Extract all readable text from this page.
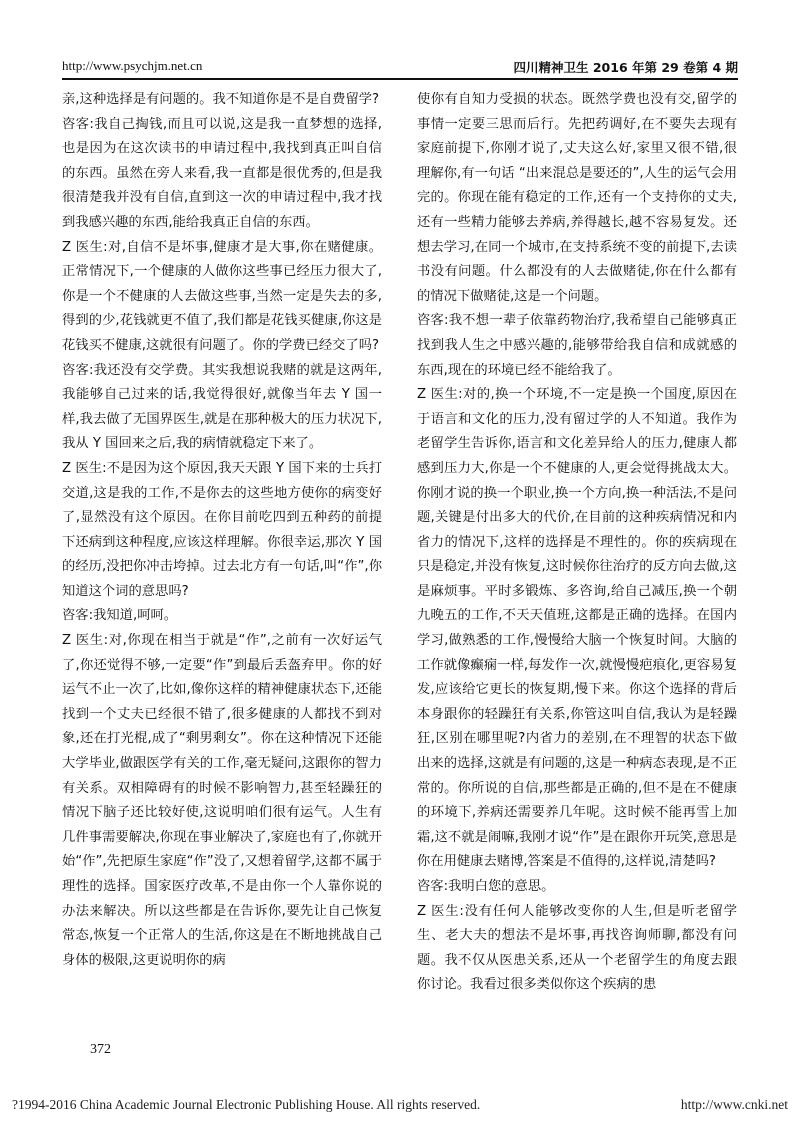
http://www.psychjm.net.cn	四川精神卫生 2016 年第 29 卷第 4 期

亲,这种选择是有问题的。我不知道你是不是自费留学?

咨客:我自己掏钱,而且可以说,这是我一直梦想的选择,也是因为在这次读书的申请过程中,我找到真正叫自信的东西。虽然在旁人来看,我一直都是很优秀的,但是我很清楚我并没有自信,直到这一次的申请过程中,我才找到我感兴趣的东西,能给我真正自信的东西。

Z 医生:对,自信不是坏事,健康才是大事,你在赌健康。正常情况下,一个健康的人做你这些事已经压力很大了,你是一个不健康的人去做这些事,当然一定是失去的多,得到的少,花钱就更不值了,我们都是花钱买健康,你这是花钱买不健康,这就很有问题了。你的学费已经交了吗?

咨客:我还没有交学费。其实我想说我赌的就是这两年,我能够自己过来的话,我觉得很好,就像当年去 Y 国一样,我去做了无国界医生,就是在那种极大的压力状况下,我从 Y 国回来之后,我的病情就稳定下来了。

Z 医生:不是因为这个原因,我天天跟 Y 国下来的士兵打交道,这是我的工作,不是你去的这些地方使你的病变好了,显然没有这个原因。在你目前吃四到五种药的前提下还病到这种程度,应该这样理解。你很幸运,那次 Y 国的经历,没把你冲击垮掉。过去北方有一句话,叫“作”,你知道这个词的意思吗?

咨客:我知道,呵呵。

Z 医生:对,你现在相当于就是“作”,之前有一次好运气了,你还觉得不够,一定要“作”到最后丢盔弃甲。你的好运气不止一次了,比如,像你这样的精神健康状态下,还能找到一个丈夫已经很不错了,很多健康的人都找不到对象,还在打光棍,成了“剩男剩女”。你在这种情况下还能大学毕业,做跟医学有关的工作,毫无疑问,这跟你的智力有关系。双相障碍有的时候不影响智力,甚至轻躁狂的情况下脑子还比较好使,这说明咱们很有运气。人生有几件事需要解决,你现在事业解决了,家庭也有了,你就开始“作”,先把原生家庭“作”没了,又想着留学,这都不属于理性的选择。国家医疗改革,不是由你一个人靠你说的办法来解决。所以这些都是在告诉你,要先让自己恢复常态,恢复一个正常人的生活,你这是在不断地挑战自己身体的极限,这更说明你的病

使你有自知力受损的状态。既然学费也没有交,留学的事情一定要三思而后行。先把药调好,在不要失去现有家庭前提下,你刚才说了,丈夫这么好,家里又很不错,很理解你,有一句话 “出来混总是要还的”,人生的运气会用完的。你现在能有稳定的工作,还有一个支持你的丈夫,还有一些精力能够去养病,养得越长,越不容易复发。还想去学习,在同一个城市,在支持系统不变的前提下,去读书没有问题。什么都没有的人去做赌徒,你在什么都有的情况下做赌徒,这是一个问题。

咨客:我不想一辈子依靠药物治疗,我希望自己能够真正找到我人生之中感兴趣的,能够带给我自信和成就感的东西,现在的环境已经不能给我了。

Z 医生:对的,换一个环境,不一定是换一个国度,原因在于语言和文化的压力,没有留过学的人不知道。我作为老留学生告诉你,语言和文化差异给人的压力,健康人都感到压力大,你是一个不健康的人,更会觉得挑战太大。你刚才说的换一个职业,换一个方向,换一种活法,不是问题,关键是付出多大的代价,在目前的这种疾病情况和内省力的情况下,这样的选择是不理性的。你的疾病现在只是稳定,并没有恢复,这时候你往治疗的反方向去做,这是麻烦事。平时多锻炼、多咨询,给自己减压,换一个朝九晚五的工作,不天天值班,这都是正确的选择。在国内学习,做熟悉的工作,慢慢给大脑一个恢复时间。大脑的工作就像癫痫一样,每发作一次,就慢慢疤痕化,更容易复发,应该给它更长的恢复期,慢下来。你这个选择的背后本身跟你的轻躁狂有关系,你管这叫自信,我认为是轻躁狂,区别在哪里呢?内省力的差别,在不理智的状态下做出来的选择,这就是有问题的,这是一种病态表现,是不正常的。你所说的自信,那些都是正确的,但不是在不健康的环境下,养病还需要养几年呢。这时候不能再雪上加霜,这不就是闹嘛,我刚才说“作”是在跟你开玩笑,意思是你在用健康去赌博,答案是不值得的,这样说,清楚吗?

咨客:我明白您的意思。

Z 医生:没有任何人能够改变你的人生,但是听老留学生、老大夫的想法不是坏事,再找咨询师聊,都没有问题。我不仅从医患关系,还从一个老留学生的角度去跟你讨论。我看过很多类似你这个疾病的患

372
?1994-2016 China Academic Journal Electronic Publishing House. All rights reserved.	http://www.cnki.net
